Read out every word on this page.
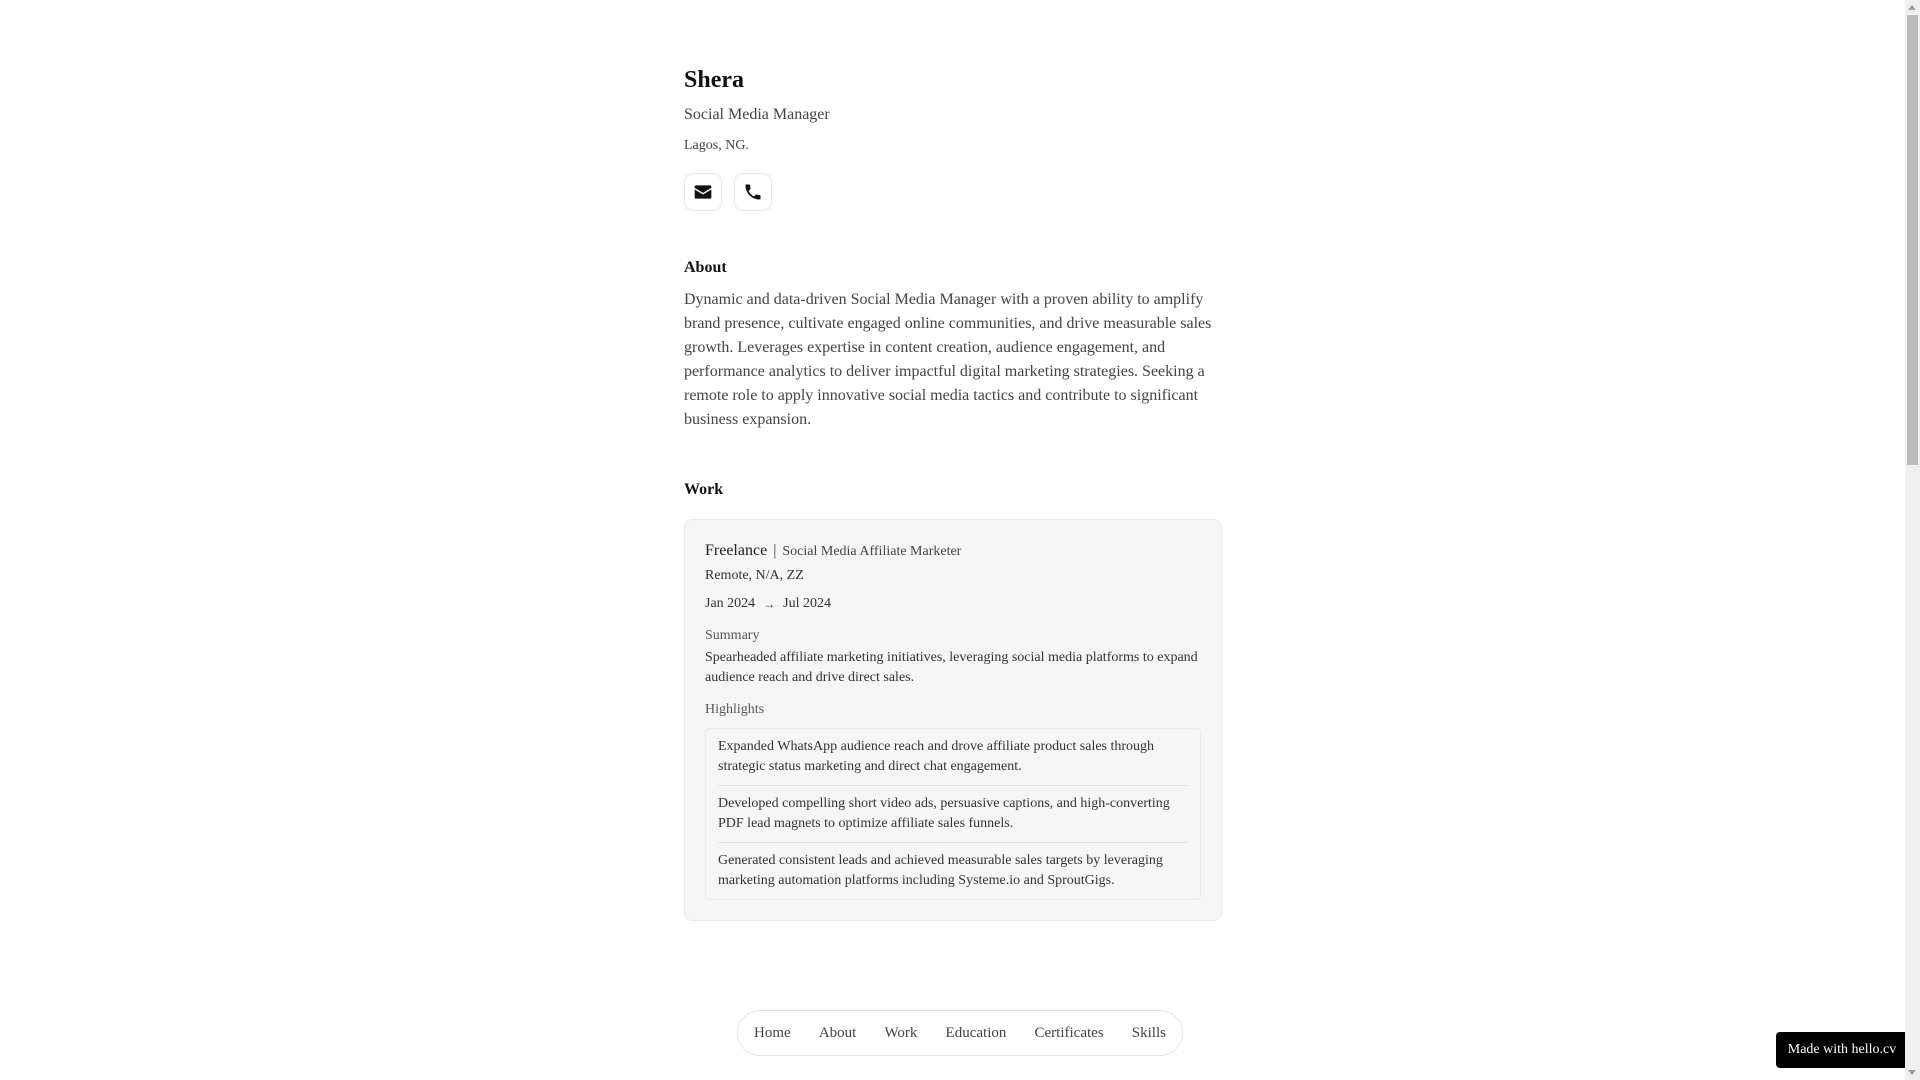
Shera
Social Media Manager
Lagos, NG.
About

Dynamic and data-driven Social Media Manager with a proven ability to amplify brand presence, cultivate engaged online communities, and drive measurable sales growth. Leverages expertise in content creation, audience engagement, and performance analytics to deliver impactful digital marketing strategies. Seeking a remote role to apply innovative social media tactics and contribute to significant business expansion.

Work
Freelance | Social Media Affiliate Marketer
Remote, N/A, ZZ
Jan 2024 → Jul 2024
Summary

Spearheaded affiliate marketing initiatives, leveraging social media platforms to expand audience reach and drive direct sales.

Highlights
Expanded WhatsApp audience reach and drove affiliate product sales through strategic status marketing and direct chat engagement.
Developed compelling short video ads, persuasive captions, and high-converting PDF lead magnets to optimize affiliate sales funnels.
Generated consistent leads and achieved measurable sales targets by leveraging marketing automation platforms including Systeme.io and SproutGigs.
Home About Work Education Certificates Skills
Made with hello.cv
